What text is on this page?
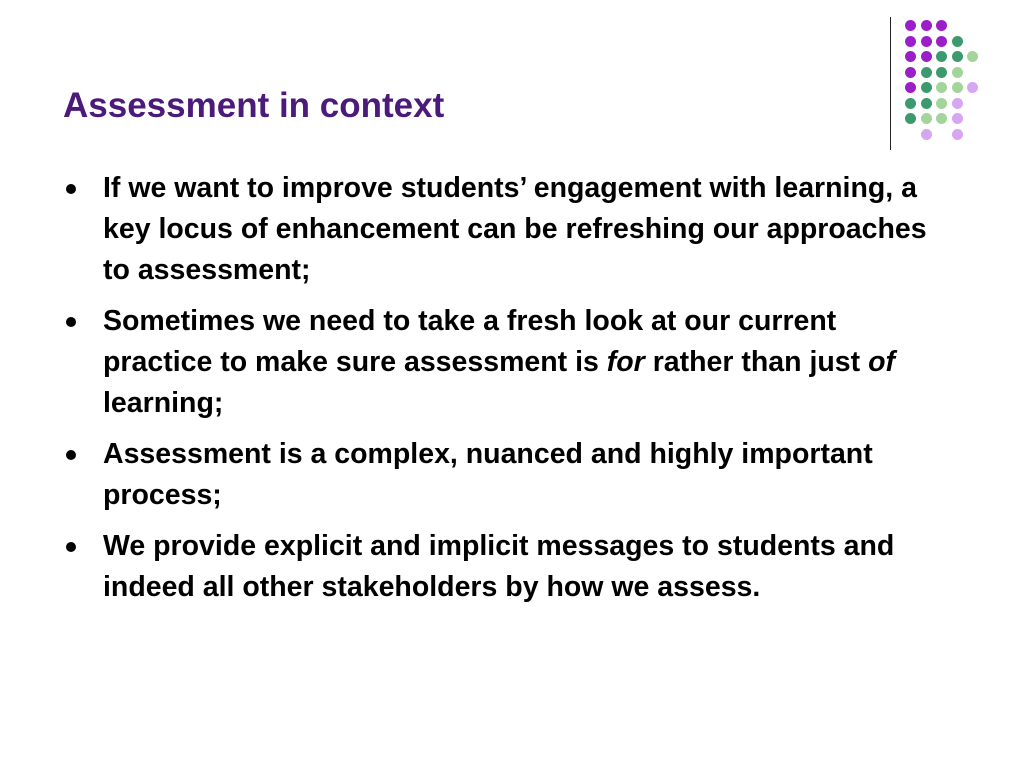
Assessment in context
If we want to improve students’ engagement with learning, a key locus of enhancement can be refreshing our approaches to assessment;
Sometimes we need to take a fresh look at our current practice to make sure assessment is for rather than just of learning;
Assessment is a complex, nuanced and highly important process;
We provide explicit and implicit messages to students and indeed all other stakeholders by how we assess.
